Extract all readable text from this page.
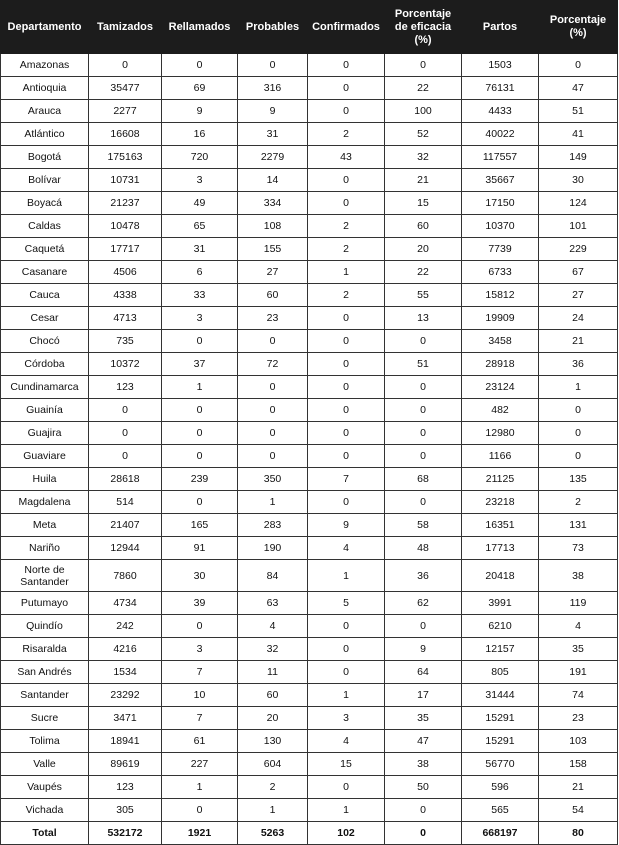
Departamento	Tamizados	Rellamados	Probables	Confirmados	Porcentaje de eficacia (%)	Partos	Porcentaje (%)
Amazonas	0	0	0	0	0	1503	0
Antioquia	35477	69	316	0	22	76131	47
Arauca	2277	9	9	0	100	4433	51
Atlántico	16608	16	31	2	52	40022	41
Bogotá	175163	720	2279	43	32	117557	149
Bolívar	10731	3	14	0	21	35667	30
Boyacá	21237	49	334	0	15	17150	124
Caldas	10478	65	108	2	60	10370	101
Caquetá	17717	31	155	2	20	7739	229
Casanare	4506	6	27	1	22	6733	67
Cauca	4338	33	60	2	55	15812	27
Cesar	4713	3	23	0	13	19909	24
Chocó	735	0	0	0	0	3458	21
Córdoba	10372	37	72	0	51	28918	36
Cundinamarca	123	1	0	0	0	23124	1
Guainía	0	0	0	0	0	482	0
Guajira	0	0	0	0	0	12980	0
Guaviare	0	0	0	0	0	1166	0
Huila	28618	239	350	7	68	21125	135
Magdalena	514	0	1	0	0	23218	2
Meta	21407	165	283	9	58	16351	131
Nariño	12944	91	190	4	48	17713	73
Norte de Santander	7860	30	84	1	36	20418	38
Putumayo	4734	39	63	5	62	3991	119
Quindío	242	0	4	0	0	6210	4
Risaralda	4216	3	32	0	9	12157	35
San Andrés	1534	7	11	0	64	805	191
Santander	23292	10	60	1	17	31444	74
Sucre	3471	7	20	3	35	15291	23
Tolima	18941	61	130	4	47	15291	103
Valle	89619	227	604	15	38	56770	158
Vaupés	123	1	2	0	50	596	21
Vichada	305	0	1	1	0	565	54
Total	532172	1921	5263	102	0	668197	80
